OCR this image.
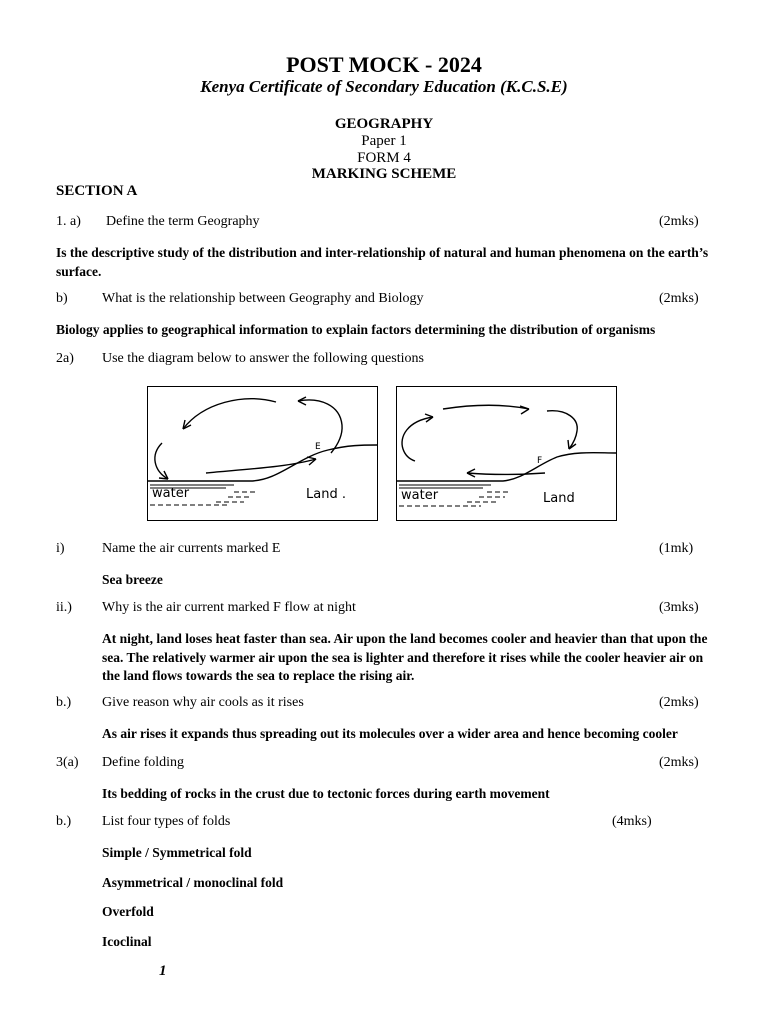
POST MOCK - 2024
Kenya Certificate of Secondary Education (K.C.S.E)
GEOGRAPHY
Paper 1
FORM 4
MARKING SCHEME
SECTION A
1. a) Define the term Geography	(2mks)
Is the descriptive study of the distribution and inter-relationship of natural and human phenomena on the earth’s surface.
b) What is the relationship between Geography and Biology	(2mks)
Biology applies to geographical information to explain factors determining the distribution of organisms
2a) Use the diagram below to answer the following questions
E
water	Land .
F
water	Land
i)	Name the air currents marked E	(1mk)
Sea breeze
ii.) Why is the air current marked F flow at night	(3mks)
At night, land loses heat faster than sea. Air upon the land becomes cooler and heavier than that upon the sea. The relatively warmer air upon the sea is lighter and therefore it rises while the cooler heavier air on the land flows towards the sea to replace the rising air.
b.) Give reason why air cools as it rises	(2mks)
As air rises it expands thus spreading out its molecules over a wider area and hence becoming cooler
3(a) Define folding	(2mks)
Its bedding of rocks in the crust due to tectonic forces during earth movement
b.) List four types of folds	(4mks)
Simple / Symmetrical fold
Asymmetrical / monoclinal fold
Overfold
Icoclinal
1
